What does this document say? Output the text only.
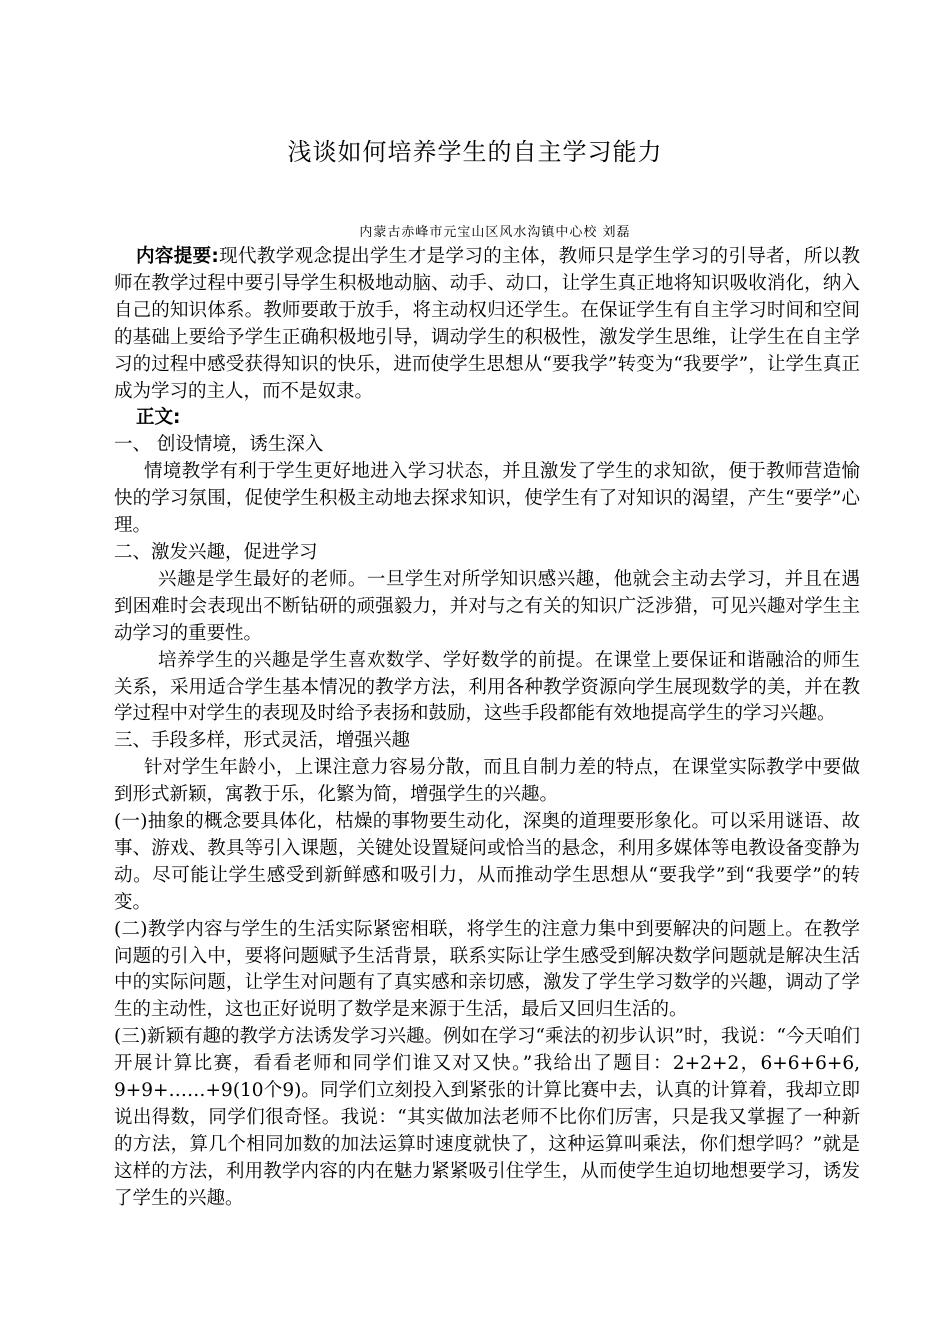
浅谈如何培养学生的自主学习能力
内蒙古赤峰市元宝山区风水沟镇中心校 刘磊

内容提要:现代教学观念提出学生才是学习的主体，教师只是学生学习的引导者，所以教师在教学过程中要引导学生积极地动脑、动手、动口，让学生真正地将知识吸收消化，纳入自己的知识体系。教师要敢于放手，将主动权归还学生。在保证学生有自主学习时间和空间的基础上要给予学生正确积极地引导，调动学生的积极性，激发学生思维，让学生在自主学习的过程中感受获得知识的快乐，进而使学生思想从“要我学”转变为“我要学”，让学生真正成为学习的主人，而不是奴隶。

正文:

一、 创设情境，诱生深入

情境教学有利于学生更好地进入学习状态，并且激发了学生的求知欲，便于教师营造愉快的学习氛围，促使学生积极主动地去探求知识，使学生有了对知识的渴望，产生“要学”心理。

二、激发兴趣，促进学习

兴趣是学生最好的老师。一旦学生对所学知识感兴趣，他就会主动去学习，并且在遇到困难时会表现出不断钻研的顽强毅力，并对与之有关的知识广泛涉猎，可见兴趣对学生主动学习的重要性。

培养学生的兴趣是学生喜欢数学、学好数学的前提。在课堂上要保证和谐融洽的师生关系，采用适合学生基本情况的教学方法，利用各种教学资源向学生展现数学的美，并在教学过程中对学生的表现及时给予表扬和鼓励，这些手段都能有效地提高学生的学习兴趣。

三、手段多样，形式灵活，增强兴趣

针对学生年龄小，上课注意力容易分散，而且自制力差的特点，在课堂实际教学中要做到形式新颖，寓教于乐，化繁为简，增强学生的兴趣。

(一)抽象的概念要具体化，枯燥的事物要生动化，深奥的道理要形象化。可以采用谜语、故事、游戏、教具等引入课题，关键处设置疑问或恰当的悬念，利用多媒体等电教设备变静为动。尽可能让学生感受到新鲜感和吸引力，从而推动学生思想从“要我学”到“我要学”的转变。

(二)教学内容与学生的生活实际紧密相联，将学生的注意力集中到要解决的问题上。在教学问题的引入中，要将问题赋予生活背景，联系实际让学生感受到解决数学问题就是解决生活中的实际问题，让学生对问题有了真实感和亲切感，激发了学生学习数学的兴趣，调动了学生的主动性，这也正好说明了数学是来源于生活，最后又回归生活的。

(三)新颖有趣的教学方法诱发学习兴趣。例如在学习“乘法的初步认识”时，我说：“今天咱们开展计算比赛，看看老师和同学们谁又对又快。”我给出了题目：2+2+2，6+6+6+6, 9+9+……+9(10个9)。同学们立刻投入到紧张的计算比赛中去，认真的计算着，我却立即说出得数，同学们很奇怪。我说：“其实做加法老师不比你们厉害，只是我又掌握了一种新的方法，算几个相同加数的加法运算时速度就快了，这种运算叫乘法，你们想学吗？”就是这样的方法，利用教学内容的内在魅力紧紧吸引住学生，从而使学生迫切地想要学习，诱发了学生的兴趣。
